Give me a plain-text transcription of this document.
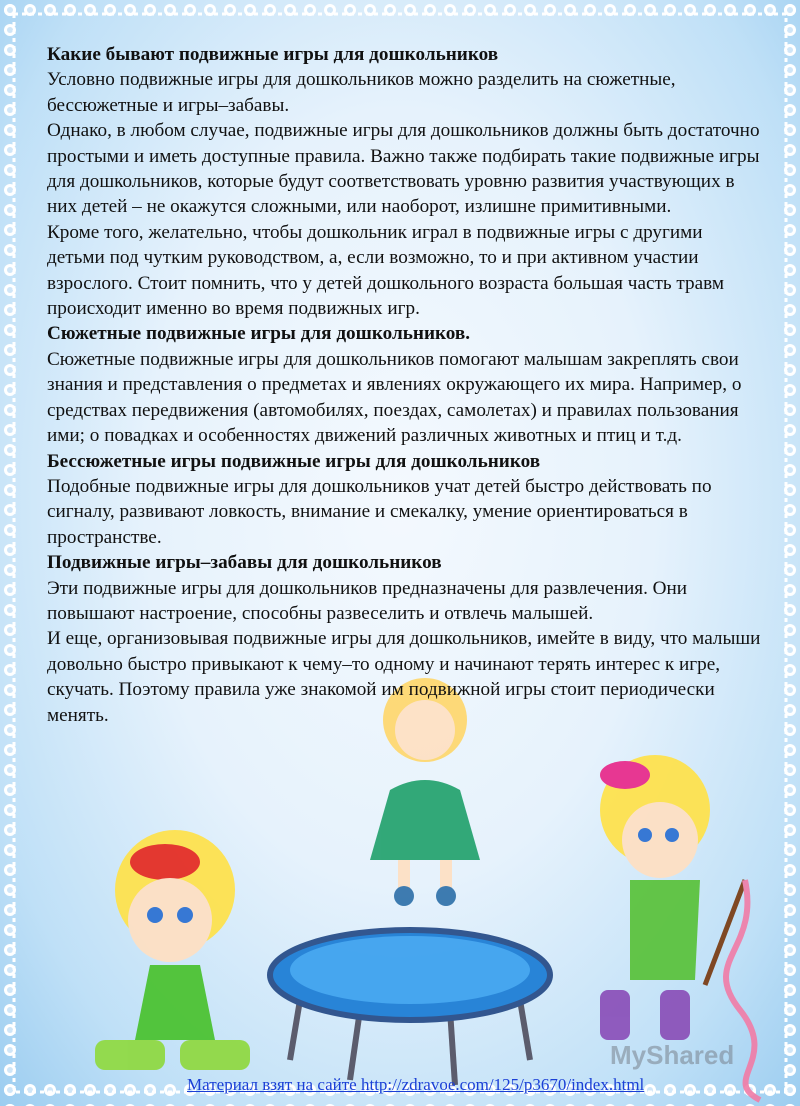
Какие бывают подвижные игры для дошкольников

Условно подвижные игры для дошкольников можно разделить на сюжетные, бессюжетные и игры–забавы.

Однако, в любом случае, подвижные игры для дошкольников должны быть достаточно простыми и иметь доступные правила. Важно также подбирать такие подвижные игры для дошкольников, которые будут соответствовать уровню развития участвующих в них детей – не окажутся сложными, или наоборот, излишне примитивными.

Кроме того, желательно, чтобы дошкольник играл в подвижные игры с другими детьми под чутким руководством, а, если возможно, то и при активном участии взрослого. Стоит помнить, что у детей дошкольного возраста большая часть травм происходит именно во время подвижных игр.

Сюжетные подвижные игры для дошкольников.

Сюжетные подвижные игры для дошкольников помогают малышам закреплять свои знания и представления о предметах и явлениях окружающего их мира. Например, о средствах передвижения (автомобилях, поездах, самолетах) и правилах пользования ими; о повадках и особенностях движений различных животных и птиц и т.д.

Бессюжетные игры подвижные игры для дошкольников

Подобные подвижные игры для дошкольников учат детей быстро действовать по сигналу, развивают ловкость, внимание и смекалку, умение ориентироваться в пространстве.

Подвижные игры–забавы для дошкольников

Эти подвижные игры для дошкольников предназначены для развлечения. Они повышают настроение, способны развеселить и отвлечь малышей.

И еще, организовывая подвижные игры для дошкольников, имейте в виду, что малыши довольно быстро привыкают к чему–то одному и начинают терять интерес к игре, скучать. Поэтому правила уже знакомой им подвижной игры стоит периодически менять.

MyShared
Материал взят на сайте http://zdravoe.com/125/p3670/index.html
